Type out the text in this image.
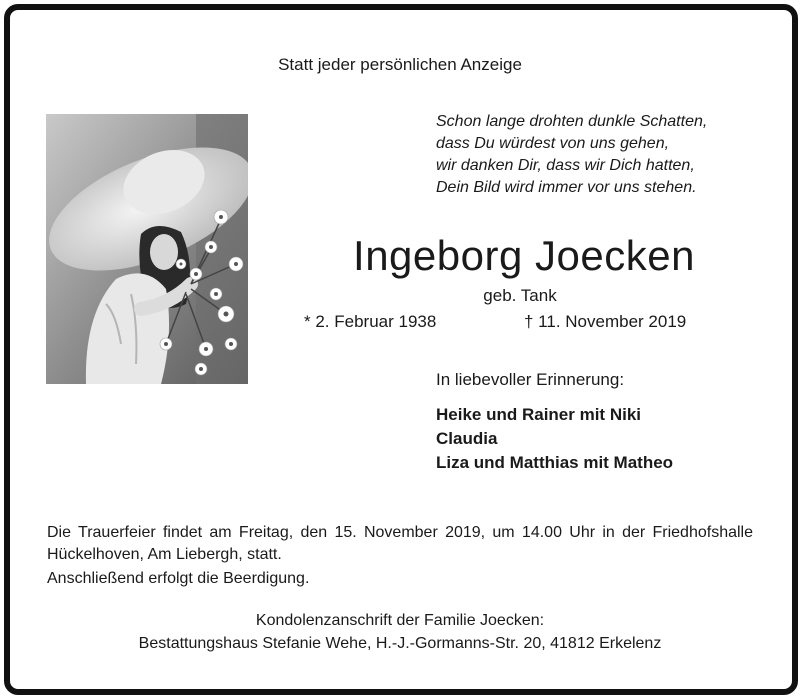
Statt jeder persönlichen Anzeige
Schon lange drohten dunkle Schatten,
dass Du würdest von uns gehen,
wir danken Dir, dass wir Dich hatten,
Dein Bild wird immer vor uns stehen.
Ingeborg Joecken
geb. Tank
* 2. Februar 1938	† 11. November 2019
In liebevoller Erinnerung:
Heike und Rainer mit Niki
Claudia
Liza und Matthias mit Matheo
Die Trauerfeier findet am Freitag, den 15. November 2019, um 14.00 Uhr in der Friedhofshalle Hückelhoven, Am Liebergh, statt.
Anschließend erfolgt die Beerdigung.
Kondolenzanschrift der Familie Joecken:
Bestattungshaus Stefanie Wehe, H.-J.-Gormanns-Str. 20, 41812 Erkelenz
